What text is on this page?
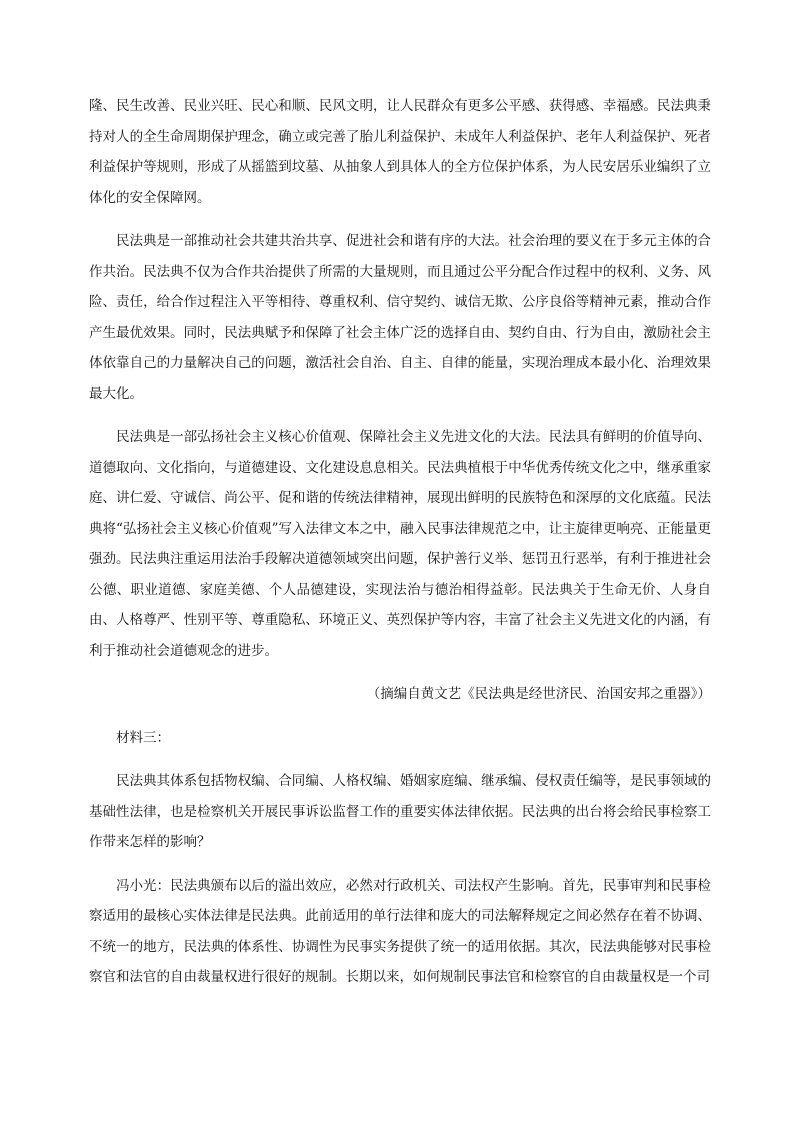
隆、民生改善、民业兴旺、民心和顺、民风文明，让人民群众有更多公平感、获得感、幸福感。民法典秉持对人的全生命周期保护理念，确立或完善了胎儿利益保护、未成年人利益保护、老年人利益保护、死者利益保护等规则，形成了从摇篮到坟墓、从抽象人到具体人的全方位保护体系，为人民安居乐业编织了立体化的安全保障网。

民法典是一部推动社会共建共治共享、促进社会和谐有序的大法。社会治理的要义在于多元主体的合作共治。民法典不仅为合作共治提供了所需的大量规则，而且通过公平分配合作过程中的权利、义务、风险、责任，给合作过程注入平等相待、尊重权利、信守契约、诚信无欺、公序良俗等精神元素，推动合作产生最优效果。同时，民法典赋予和保障了社会主体广泛的选择自由、契约自由、行为自由，激励社会主体依靠自己的力量解决自己的问题，激活社会自治、自主、自律的能量，实现治理成本最小化、治理效果最大化。

民法典是一部弘扬社会主义核心价值观、保障社会主义先进文化的大法。民法具有鲜明的价值导向、道德取向、文化指向，与道德建设、文化建设息息相关。民法典植根于中华优秀传统文化之中，继承重家庭、讲仁爱、守诚信、尚公平、促和谐的传统法律精神，展现出鲜明的民族特色和深厚的文化底蕴。民法典将“弘扬社会主义核心价值观”写入法律文本之中，融入民事法律规范之中，让主旋律更响亮、正能量更强劲。民法典注重运用法治手段解决道德领域突出问题，保护善行义举、惩罚丑行恶举，有利于推进社会公德、职业道德、家庭美德、个人品德建设，实现法治与德治相得益彰。民法典关于生命无价、人身自由、人格尊严、性别平等、尊重隐私、环境正义、英烈保护等内容，丰富了社会主义先进文化的内涵，有利于推动社会道德观念的进步。

（摘编自黄文艺《民法典是经世济民、治国安邦之重器》）

材料三：

民法典其体系包括物权编、合同编、人格权编、婚姻家庭编、继承编、侵权责任编等，是民事领域的基础性法律，也是检察机关开展民事诉讼监督工作的重要实体法律依据。民法典的出台将会给民事检察工作带来怎样的影响？

冯小光：民法典颁布以后的溢出效应，必然对行政机关、司法权产生影响。首先，民事审判和民事检察适用的最核心实体法律是民法典。此前适用的单行法律和庞大的司法解释规定之间必然存在着不协调、不统一的地方，民法典的体系性、协调性为民事实务提供了统一的适用依据。其次，民法典能够对民事检察官和法官的自由裁量权进行很好的规制。长期以来，如何规制民事法官和检察官的自由裁量权是一个司
